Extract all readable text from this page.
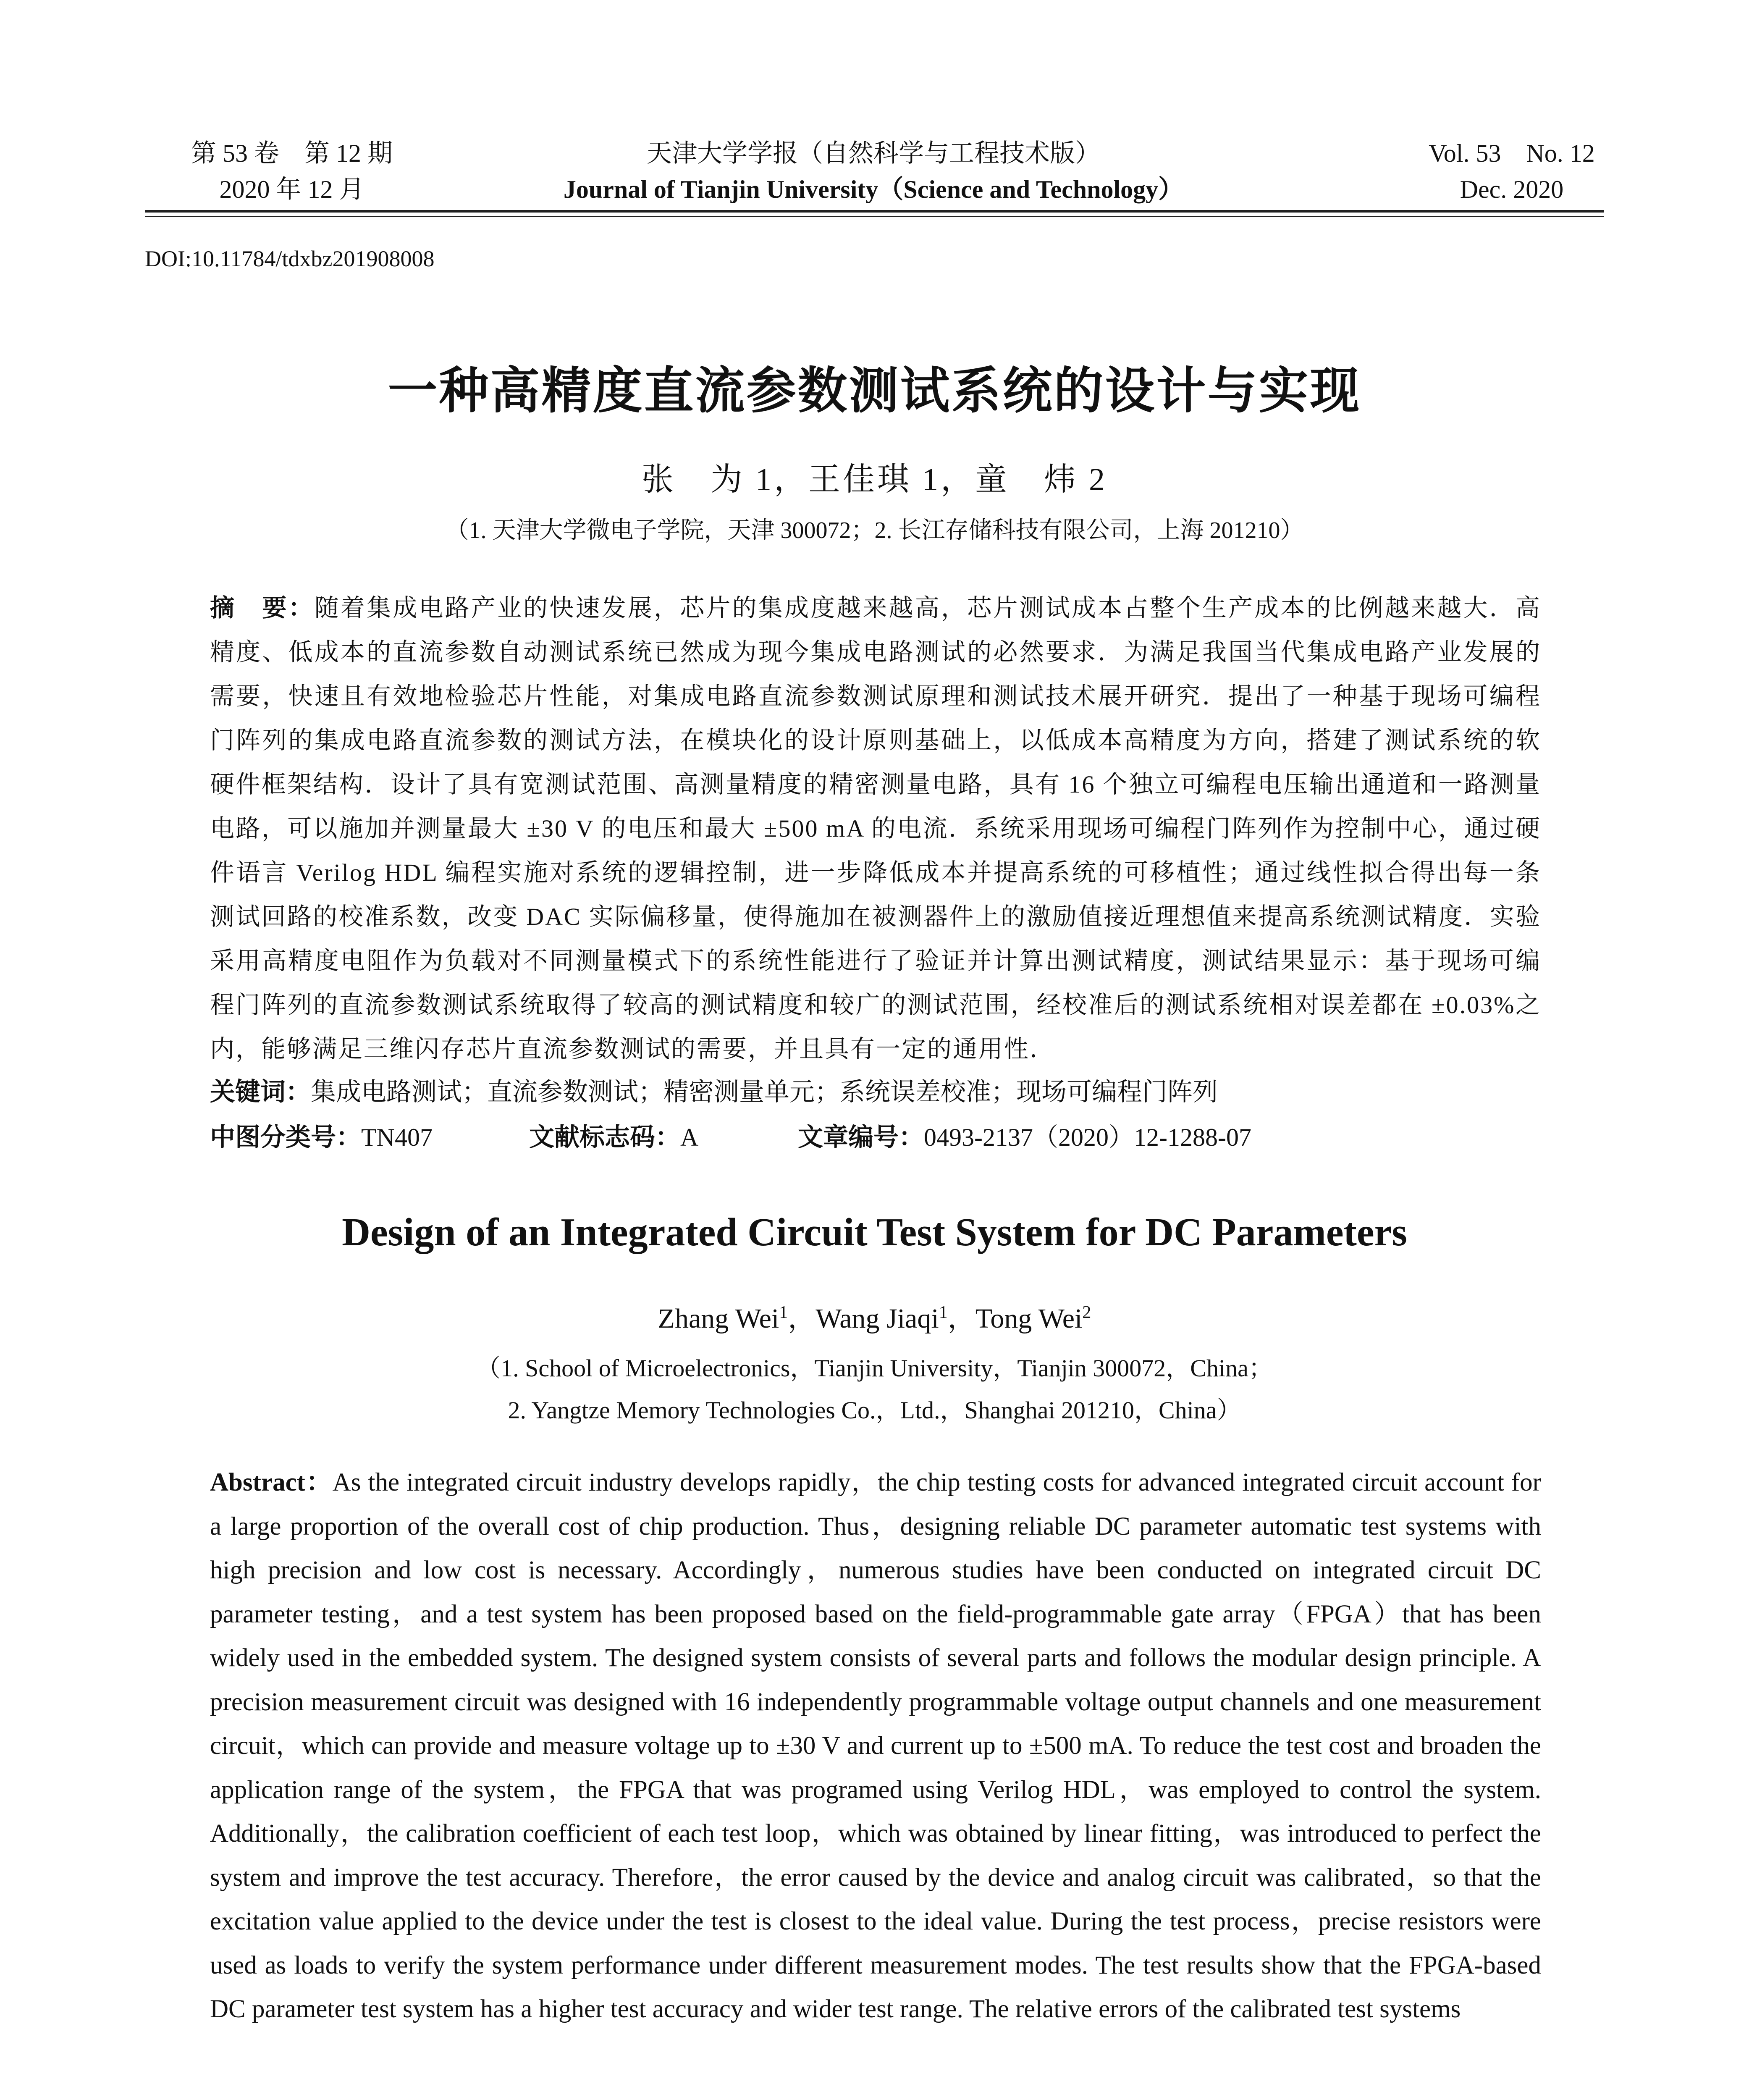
第 53 卷　第 12 期
2020 年 12 月
天津大学学报（自然科学与工程技术版）
Journal of Tianjin University（Science and Technology）
Vol. 53　No. 12
Dec. 2020
DOI:10.11784/tdxbz201908008
一种高精度直流参数测试系统的设计与实现
张　为 1，王佳琪 1，童　炜 2
（1. 天津大学微电子学院，天津 300072；2. 长江存储科技有限公司，上海 201210）
摘　要：随着集成电路产业的快速发展，芯片的集成度越来越高，芯片测试成本占整个生产成本的比例越来越大．高精度、低成本的直流参数自动测试系统已然成为现今集成电路测试的必然要求．为满足我国当代集成电路产业发展的需要，快速且有效地检验芯片性能，对集成电路直流参数测试原理和测试技术展开研究．提出了一种基于现场可编程门阵列的集成电路直流参数的测试方法，在模块化的设计原则基础上，以低成本高精度为方向，搭建了测试系统的软硬件框架结构．设计了具有宽测试范围、高测量精度的精密测量电路，具有 16 个独立可编程电压输出通道和一路测量电路，可以施加并测量最大 ±30 V 的电压和最大 ±500 mA 的电流．系统采用现场可编程门阵列作为控制中心，通过硬件语言 Verilog HDL 编程实施对系统的逻辑控制，进一步降低成本并提高系统的可移植性；通过线性拟合得出每一条测试回路的校准系数，改变 DAC 实际偏移量，使得施加在被测器件上的激励值接近理想值来提高系统测试精度．实验采用高精度电阻作为负载对不同测量模式下的系统性能进行了验证并计算出测试精度，测试结果显示：基于现场可编程门阵列的直流参数测试系统取得了较高的测试精度和较广的测试范围，经校准后的测试系统相对误差都在 ±0.03%之内，能够满足三维闪存芯片直流参数测试的需要，并且具有一定的通用性．
关键词：集成电路测试；直流参数测试；精密测量单元；系统误差校准；现场可编程门阵列
中图分类号：TN407	文献标志码：A	文章编号：0493-2137（2020）12-1288-07
Design of an Integrated Circuit Test System for DC Parameters
Zhang Wei$^1$，Wang Jiaqi$^1$，Tong Wei$^2$
（1. School of Microelectronics，Tianjin University，Tianjin 300072，China；
2. Yangtze Memory Technologies Co.，Ltd.，Shanghai 201210，China）
Abstract：As the integrated circuit industry develops rapidly，the chip testing costs for advanced integrated circuit account for a large proportion of the overall cost of chip production. Thus，designing reliable DC parameter automatic test systems with high precision and low cost is necessary. Accordingly，numerous studies have been conducted on integrated circuit DC parameter testing，and a test system has been proposed based on the field-programmable gate array（FPGA）that has been widely used in the embedded system. The designed system consists of several parts and follows the modular design principle. A precision measurement circuit was designed with 16 independently programmable voltage output channels and one measurement circuit，which can provide and measure voltage up to ±30 V and current up to ±500 mA. To reduce the test cost and broaden the application range of the system，the FPGA that was programed using Verilog HDL，was employed to control the system. Additionally，the calibration coefficient of each test loop，which was obtained by linear fitting，was introduced to perfect the system and improve the test accuracy. Therefore，the error caused by the device and analog circuit was calibrated，so that the excitation value applied to the device under the test is closest to the ideal value. During the test process，precise resistors were used as loads to verify the system performance under different measurement modes. The test results show that the FPGA-based DC parameter test system has a higher test accuracy and wider test range. The relative errors of the calibrated test systems
